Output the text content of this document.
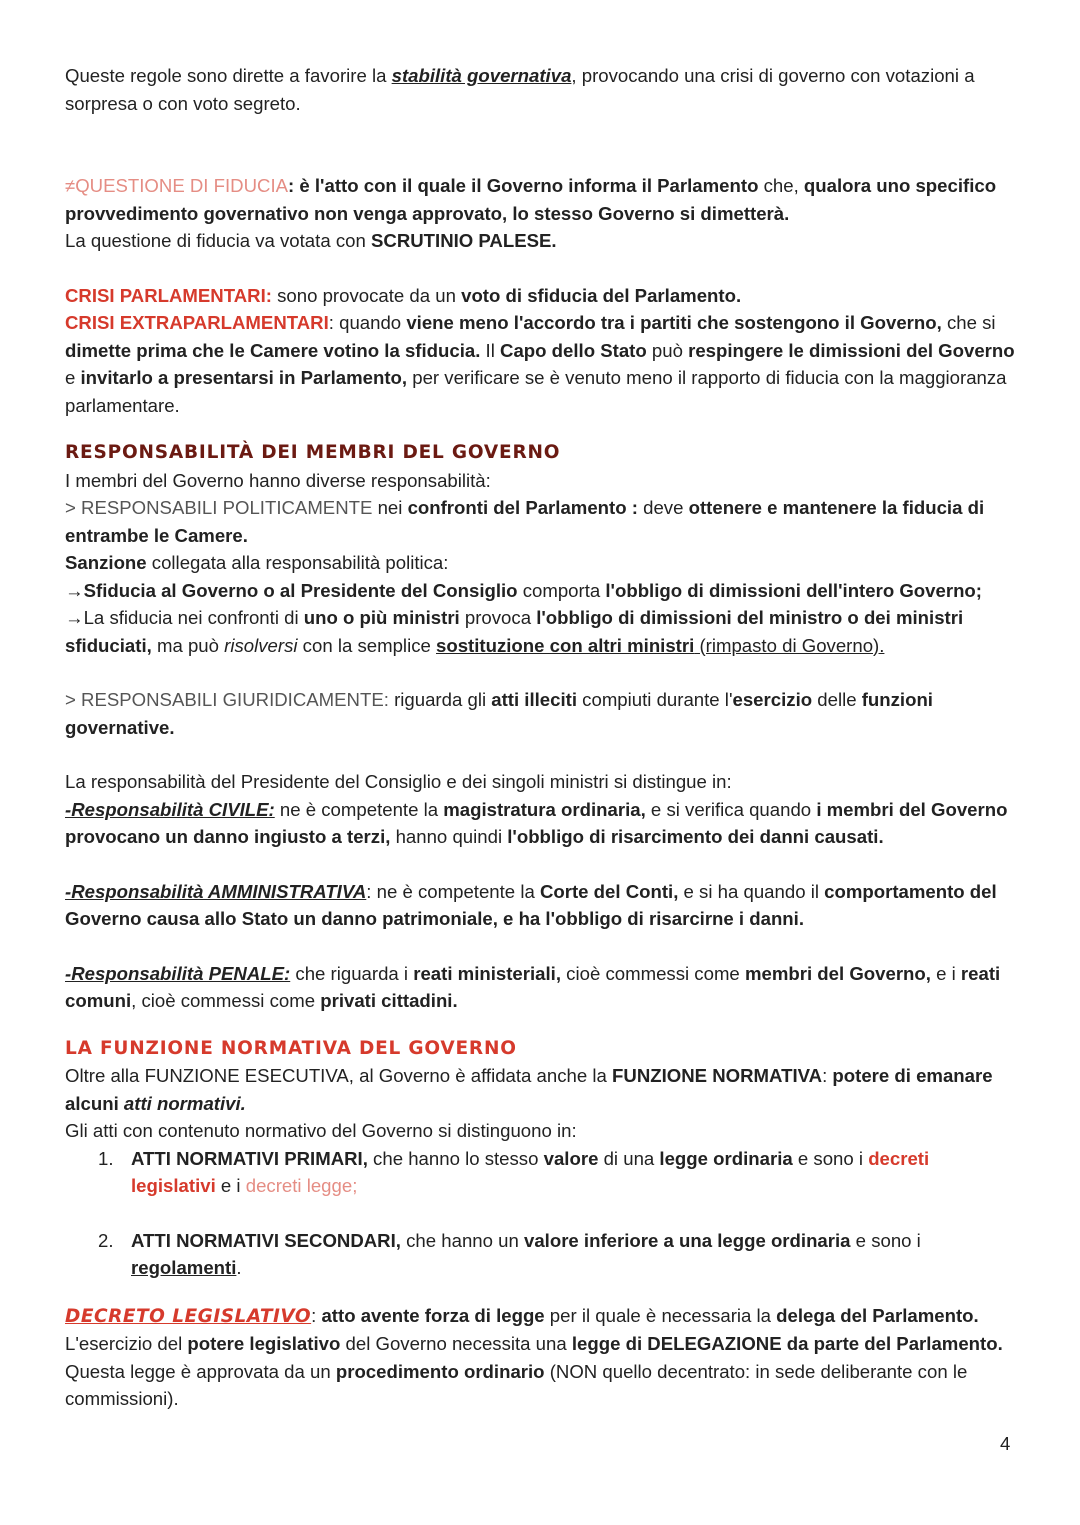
Queste regole sono dirette a favorire la stabilità governativa, provocando una crisi di governo con votazioni a sorpresa o con voto segreto.

≠QUESTIONE DI FIDUCIA: è l'atto con il quale il Governo informa il Parlamento che, qualora uno specifico provvedimento governativo non venga approvato, lo stesso Governo si dimetterà.

La questione di fiducia va votata con SCRUTINIO PALESE.

CRISI PARLAMENTARI: sono provocate da un voto di sfiducia del Parlamento.

CRISI EXTRAPARLAMENTARI: quando viene meno l'accordo tra i partiti che sostengono il Governo, che si dimette prima che le Camere votino la sfiducia. Il Capo dello Stato può respingere le dimissioni del Governo e invitarlo a presentarsi in Parlamento, per verificare se è venuto meno il rapporto di fiducia con la maggioranza parlamentare.

RESPONSABILITÀ DEI MEMBRI DEL GOVERNO

I membri del Governo hanno diverse responsabilità:

> RESPONSABILI POLITICAMENTE nei confronti del Parlamento : deve ottenere e mantenere la fiducia di entrambe le Camere.

Sanzione collegata alla responsabilità politica:

→Sfiducia al Governo o al Presidente del Consiglio comporta l'obbligo di dimissioni dell'intero Governo;

→La sfiducia nei confronti di uno o più ministri provoca l'obbligo di dimissioni del ministro o dei ministri sfiduciati, ma può risolversi con la semplice sostituzione con altri ministri (rimpasto di Governo).

> RESPONSABILI GIURIDICAMENTE: riguarda gli atti illeciti compiuti durante l'esercizio delle funzioni governative.

La responsabilità del Presidente del Consiglio e dei singoli ministri si distingue in:

-Responsabilità CIVILE: ne è competente la magistratura ordinaria, e si verifica quando i membri del Governo provocano un danno ingiusto a terzi, hanno quindi l'obbligo di risarcimento dei danni causati.

-Responsabilità AMMINISTRATIVA: ne è competente la Corte del Conti, e si ha quando il comportamento del Governo causa allo Stato un danno patrimoniale, e ha l'obbligo di risarcirne i danni.

-Responsabilità PENALE: che riguarda i reati ministeriali, cioè commessi come membri del Governo, e i reati comuni, cioè commessi come privati cittadini.

LA FUNZIONE NORMATIVA DEL GOVERNO

Oltre alla FUNZIONE ESECUTIVA, al Governo è affidata anche la FUNZIONE NORMATIVA: potere di emanare alcuni atti normativi.

Gli atti con contenuto normativo del Governo si distinguono in:

1. ATTI NORMATIVI PRIMARI, che hanno lo stesso valore di una legge ordinaria e sono i decreti legislativi e i decreti legge;

2. ATTI NORMATIVI SECONDARI, che hanno un valore inferiore a una legge ordinaria e sono i regolamenti.

DECRETO LEGISLATIVO: atto avente forza di legge per il quale è necessaria la delega del Parlamento.

L'esercizio del potere legislativo del Governo necessita una legge di DELEGAZIONE da parte del Parlamento.

Questa legge è approvata da un procedimento ordinario (NON quello decentrato: in sede deliberante con le commissioni).

4
